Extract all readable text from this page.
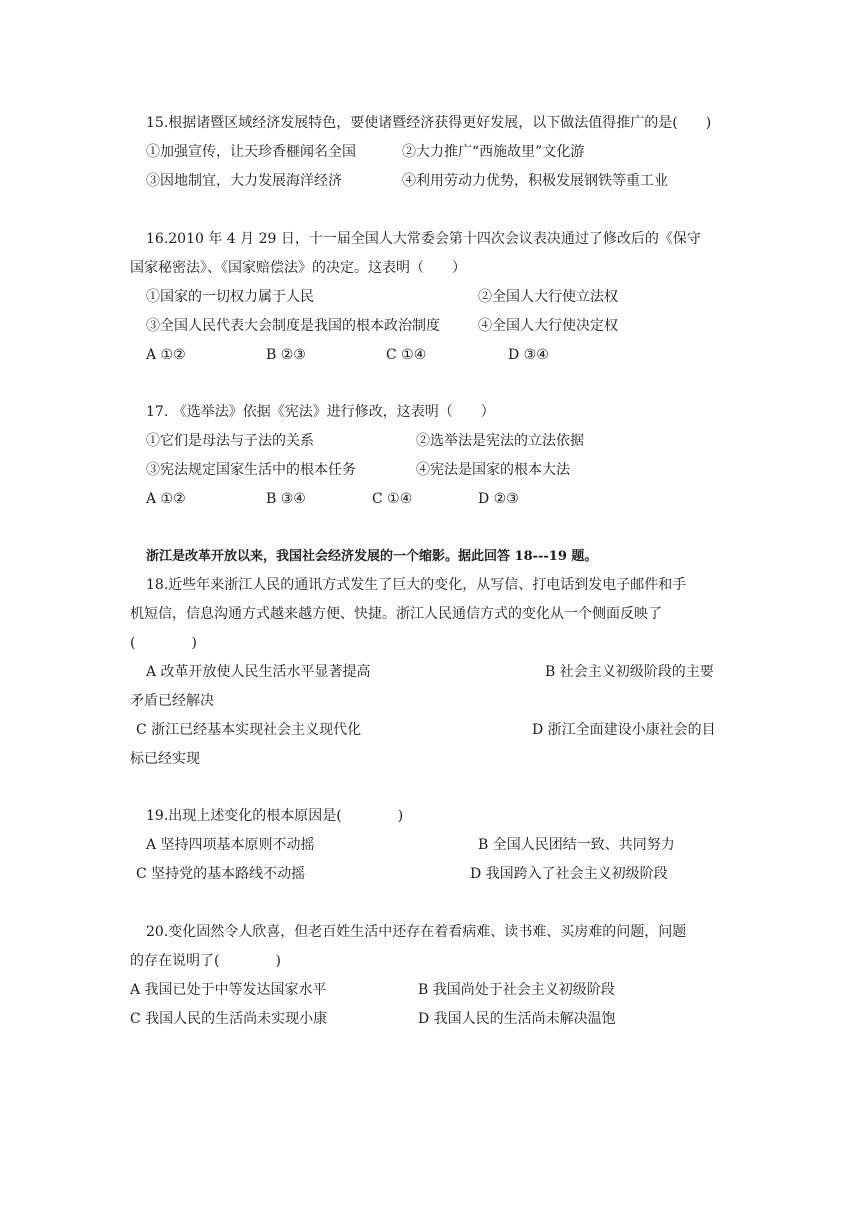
15.根据诸暨区域经济发展特色，要使诸暨经济获得更好发展，以下做法值得推广的是(　　)
①加强宣传，让天珍香榧闻名全国	②大力推广“西施故里”文化游
③因地制宜，大力发展海洋经济	④利用劳动力优势，积极发展钢铁等重工业
16.2010 年 4 月 29 日，十一届全国人大常委会第十四次会议表决通过了修改后的《保守
国家秘密法》、《国家赔偿法》的决定。这表明（　　）
①国家的一切权力属于人民	②全国人大行使立法权
③全国人民代表大会制度是我国的根本政治制度	④全国人大行使决定权
A ①②	B ②③	C ①④	D ③④
17. 《选举法》依据《宪法》进行修改，这表明（　　）
①它们是母法与子法的关系	②选举法是宪法的立法依据
③宪法规定国家生活中的根本任务	④宪法是国家的根本大法
A ①②	B ③④	C ①④	D ②③
浙江是改革开放以来，我国社会经济发展的一个缩影。据此回答 18---19 题。
18.近些年来浙江人民的通讯方式发生了巨大的变化，从写信、打电话到发电子邮件和手
机短信，信息沟通方式越来越方便、快捷。浙江人民通信方式的变化从一个侧面反映了
(　　　　)
A 改革开放使人民生活水平显著提高	B 社会主义初级阶段的主要
矛盾已经解决
C 浙江已经基本实现社会主义现代化	D 浙江全面建设小康社会的目
标已经实现
19.出现上述变化的根本原因是(　　　　)
A 坚持四项基本原则不动摇	B 全国人民团结一致、共同努力
C 坚持党的基本路线不动摇	D 我国跨入了社会主义初级阶段
20.变化固然令人欣喜，但老百姓生活中还存在着看病难、读书难、买房难的问题，问题
的存在说明了(　　　　)
A 我国已处于中等发达国家水平	B 我国尚处于社会主义初级阶段
C 我国人民的生活尚未实现小康	D 我国人民的生活尚未解决温饱
